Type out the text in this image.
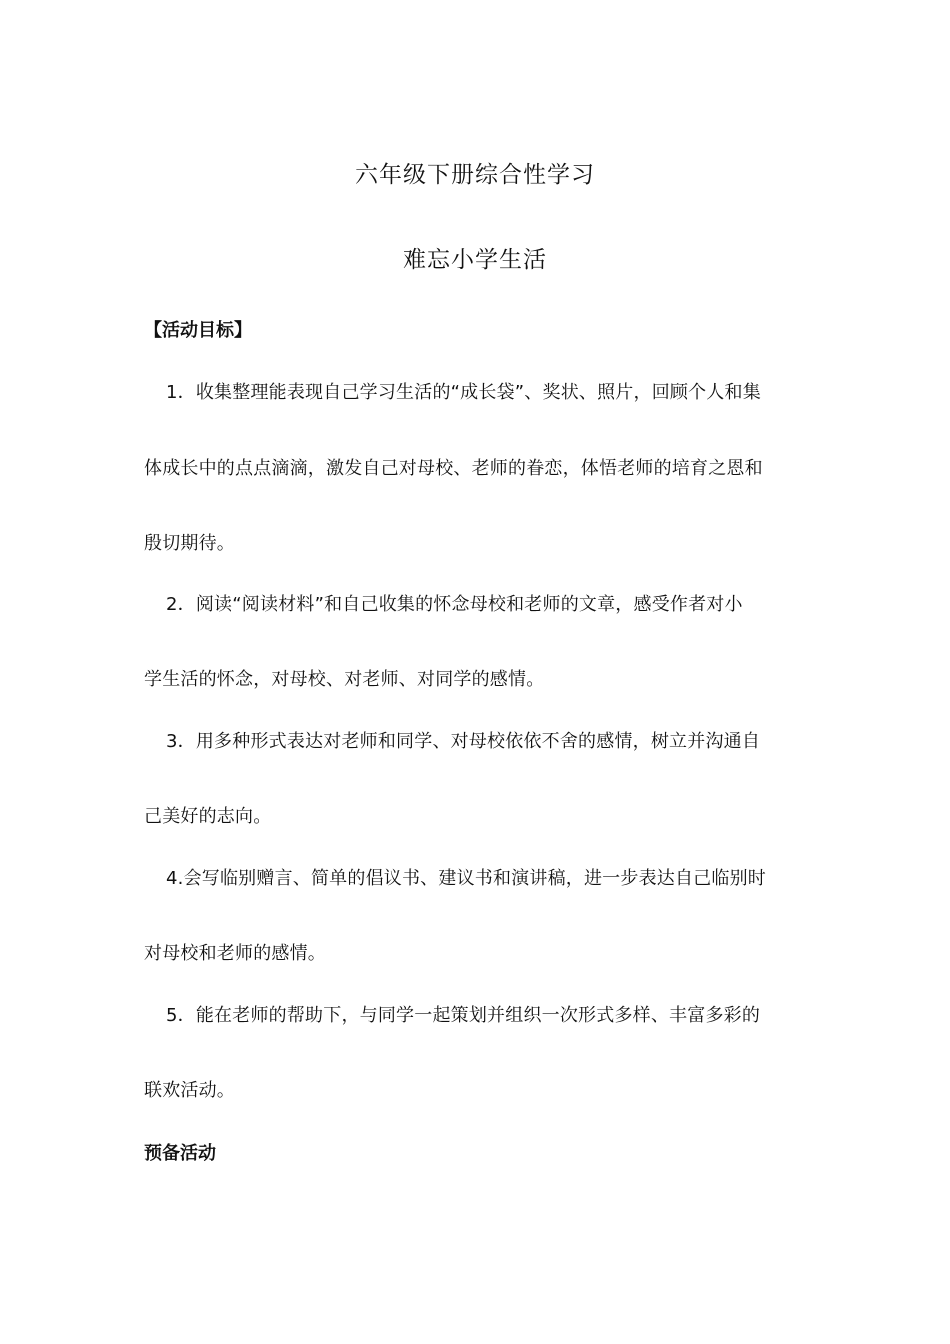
六年级下册综合性学习
难忘小学生活
【活动目标】
1．收集整理能表现自己学习生活的“成长袋”、奖状、照片，回顾个人和集
体成长中的点点滴滴，激发自己对母校、老师的眷恋，体悟老师的培育之恩和
殷切期待。
2．阅读“阅读材料”和自己收集的怀念母校和老师的文章，感受作者对小
学生活的怀念，对母校、对老师、对同学的感情。
3．用多种形式表达对老师和同学、对母校依依不舍的感情，树立并沟通自
己美好的志向。
4.会写临别赠言、简单的倡议书、建议书和演讲稿，进一步表达自己临别时
对母校和老师的感情。
5．能在老师的帮助下，与同学一起策划并组织一次形式多样、丰富多彩的
联欢活动。
预备活动
